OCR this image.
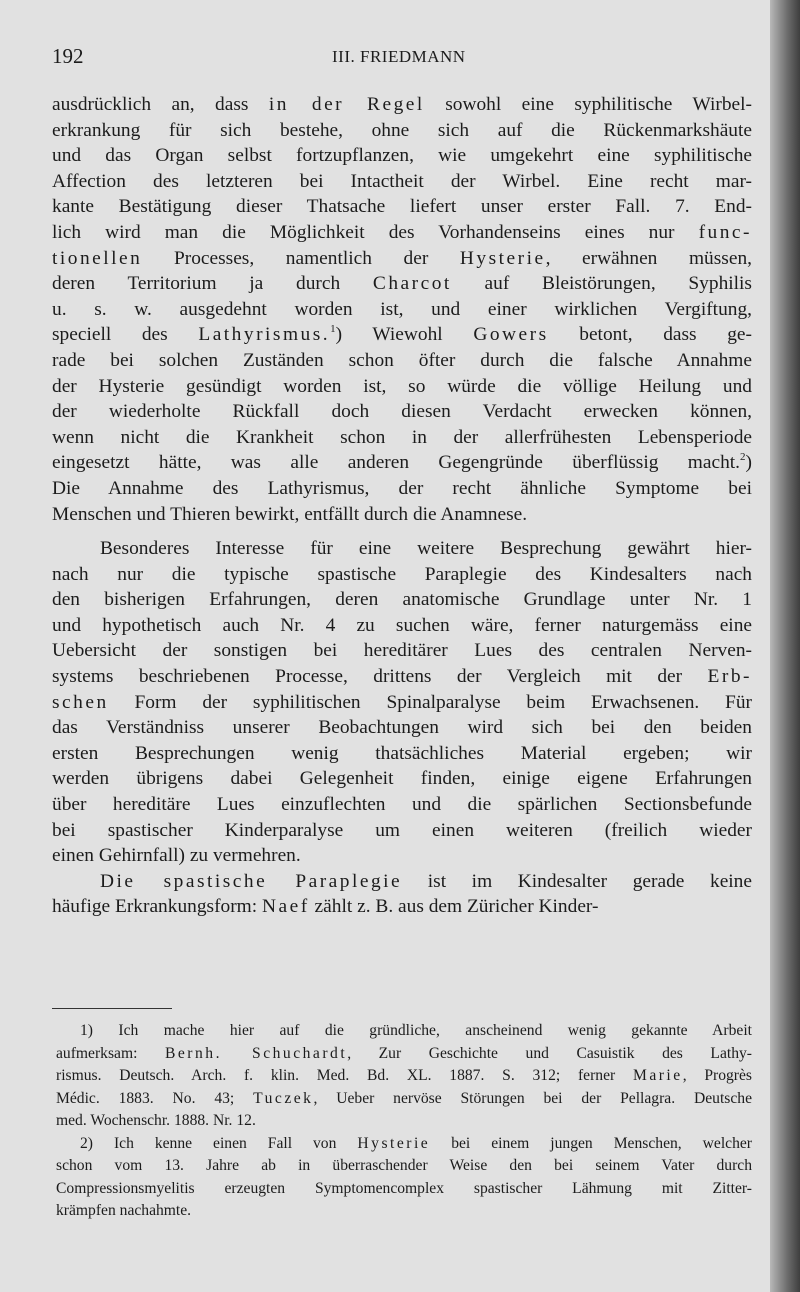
192	III. FRIEDMANN
ausdrücklich an, dass in der Regel sowohl eine syphilitische Wirbel-
erkrankung für sich bestehe, ohne sich auf die Rückenmarkshäute
und das Organ selbst fortzupflanzen, wie umgekehrt eine syphilitische
Affection des letzteren bei Intactheit der Wirbel. Eine recht mar-
kante Bestätigung dieser Thatsache liefert unser erster Fall. 7. End-
lich wird man die Möglichkeit des Vorhandenseins eines nur func-
tionellen Processes, namentlich der Hysterie, erwähnen müssen,
deren Territorium ja durch Charcot auf Bleistörungen, Syphilis
u. s. w. ausgedehnt worden ist, und einer wirklichen Vergiftung,
speciell des Lathyrismus.$^1$) Wiewohl Gowers betont, dass ge-
rade bei solchen Zuständen schon öfter durch die falsche Annahme
der Hysterie gesündigt worden ist, so würde die völlige Heilung und
der wiederholte Rückfall doch diesen Verdacht erwecken können,
wenn nicht die Krankheit schon in der allerfrühesten Lebensperiode
eingesetzt hätte, was alle anderen Gegengründe überflüssig macht.$^2$)
Die Annahme des Lathyrismus, der recht ähnliche Symptome bei
Menschen und Thieren bewirkt, entfällt durch die Anamnese.
Besonderes Interesse für eine weitere Besprechung gewährt hier-
nach nur die typische spastische Paraplegie des Kindesalters nach
den bisherigen Erfahrungen, deren anatomische Grundlage unter Nr. 1
und hypothetisch auch Nr. 4 zu suchen wäre, ferner naturgemäss eine
Uebersicht der sonstigen bei hereditärer Lues des centralen Nerven-
systems beschriebenen Processe, drittens der Vergleich mit der Erb-
schen Form der syphilitischen Spinalparalyse beim Erwachsenen. Für
das Verständniss unserer Beobachtungen wird sich bei den beiden
ersten Besprechungen wenig thatsächliches Material ergeben; wir
werden übrigens dabei Gelegenheit finden, einige eigene Erfahrungen
über hereditäre Lues einzuflechten und die spärlichen Sectionsbefunde
bei spastischer Kinderparalyse um einen weiteren (freilich wieder
einen Gehirnfall) zu vermehren.
Die spastische Paraplegie ist im Kindesalter gerade keine
häufige Erkrankungsform: Naef zählt z. B. aus dem Züricher Kinder-
1) Ich mache hier auf die gründliche, anscheinend wenig gekannte Arbeit
aufmerksam: Bernh. Schuchardt, Zur Geschichte und Casuistik des Lathy-
rismus. Deutsch. Arch. f. klin. Med. Bd. XL. 1887. S. 312; ferner Marie, Progrès
Médic. 1883. No. 43; Tuczek, Ueber nervöse Störungen bei der Pellagra. Deutsche
med. Wochenschr. 1888. Nr. 12.
2) Ich kenne einen Fall von Hysterie bei einem jungen Menschen, welcher
schon vom 13. Jahre ab in überraschender Weise den bei seinem Vater durch
Compressionsmyelitis erzeugten Symptomencomplex spastischer Lähmung mit Zitter-
krämpfen nachahmte.
